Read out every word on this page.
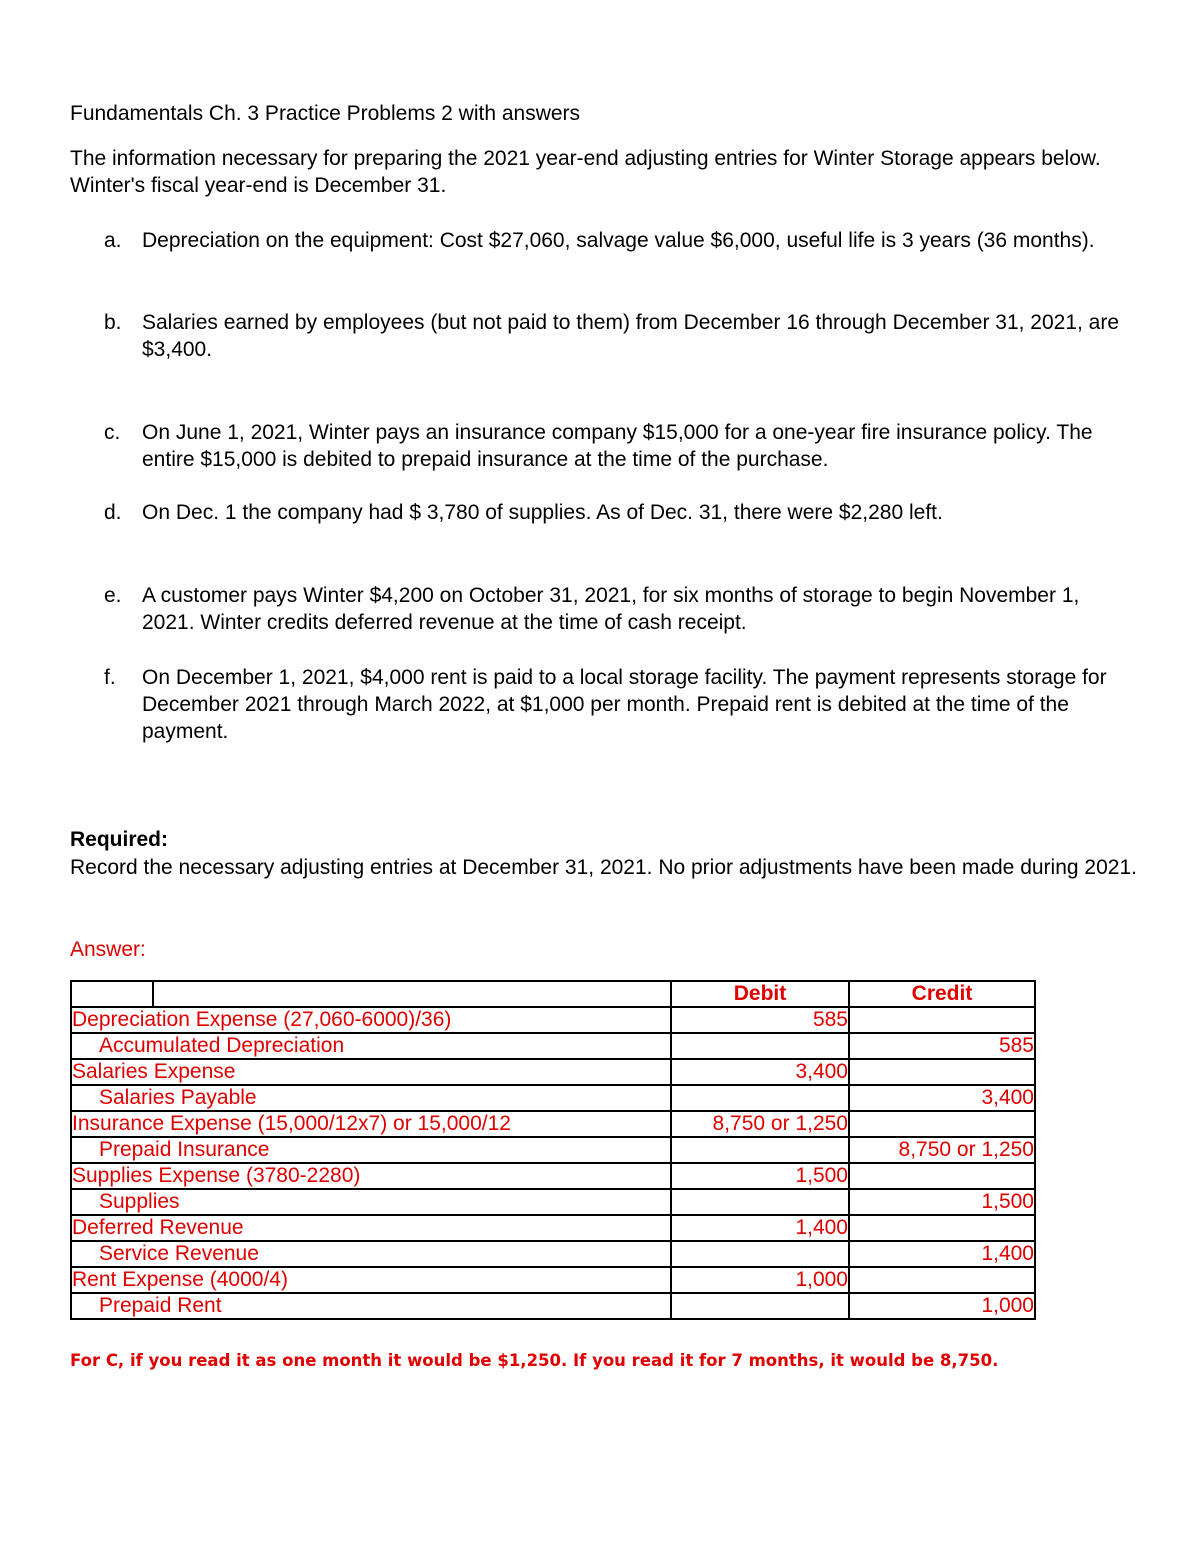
Fundamentals Ch. 3 Practice Problems 2 with answers
The information necessary for preparing the 2021 year-end adjusting entries for Winter Storage appears below. Winter's fiscal year-end is December 31.
a. Depreciation on the equipment: Cost $27,060, salvage value $6,000, useful life is 3 years (36 months).
b. Salaries earned by employees (but not paid to them) from December 16 through December 31, 2021, are $3,400.
c.	On June 1, 2021, Winter pays an insurance company $15,000 for a one-year fire insurance policy. The entire $15,000 is debited to prepaid insurance at the time of the purchase.
d. On Dec. 1 the company had $ 3,780 of supplies. As of Dec. 31, there were $2,280 left.
e. A customer pays Winter $4,200 on October 31, 2021, for six months of storage to begin November 1, 2021. Winter credits deferred revenue at the time of cash receipt.
f.	On December 1, 2021, $4,000 rent is paid to a local storage facility. The payment represents storage for December 2021 through March 2022, at $1,000 per month. Prepaid rent is debited at the time of the payment.
Required:
Record the necessary adjusting entries at December 31, 2021. No prior adjustments have been made during 2021.
Answer:
		Debit	Credit
Depreciation Expense (27,060-6000)/36)		585	
Accumulated Depreciation			585
Salaries Expense		3,400	
Salaries Payable			3,400
Insurance Expense (15,000/12x7) or 15,000/12		8,750 or 1,250	
Prepaid Insurance			8,750 or 1,250
Supplies Expense (3780-2280)		1,500	
Supplies			1,500
Deferred Revenue		1,400	
Service Revenue			1,400
Rent Expense (4000/4)		1,000	
Prepaid Rent			1,000
For C, if you read it as one month it would be $1,250. If you read it for 7 months, it would be 8,750.
